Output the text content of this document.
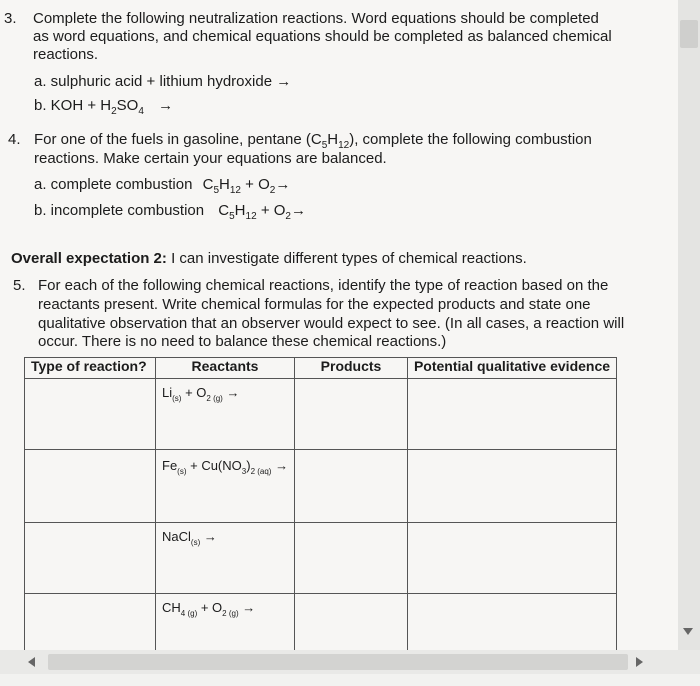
3. Complete the following neutralization reactions. Word equations should be completed
as word equations, and chemical equations should be completed as balanced chemical
reactions.
a. sulphuric acid + lithium hydroxide →
b. KOH + $H_2SO_4$ →
4. For one of the fuels in gasoline, pentane $(C_5H_{12})$, complete the following combustion
reactions. Make certain your equations are balanced.
a. complete combustion $C_5H_{12} + O_2\to$
b. incomplete combustion $C_5H_{12} + O_2\to$
Overall expectation 2: I can investigate different types of chemical reactions.
5. For each of the following chemical reactions, identify the type of reaction based on the
reactants present. Write chemical formulas for the expected products and state one
qualitative observation that an observer would expect to see. (In all cases, a reaction will
occur. There is no need to balance these chemical reactions.)
Type of reaction?	Reactants	Products	Potential qualitative evidence
	$Li_{(s)} + O_{2 (g)}$ →		
	$Fe_{(s)} + Cu(NO_3)_{2 (aq)}$ →		
	NaCl$_{(s)}$ →		
	$CH_{4 (g)} + O_{2 (g)}$ →		
